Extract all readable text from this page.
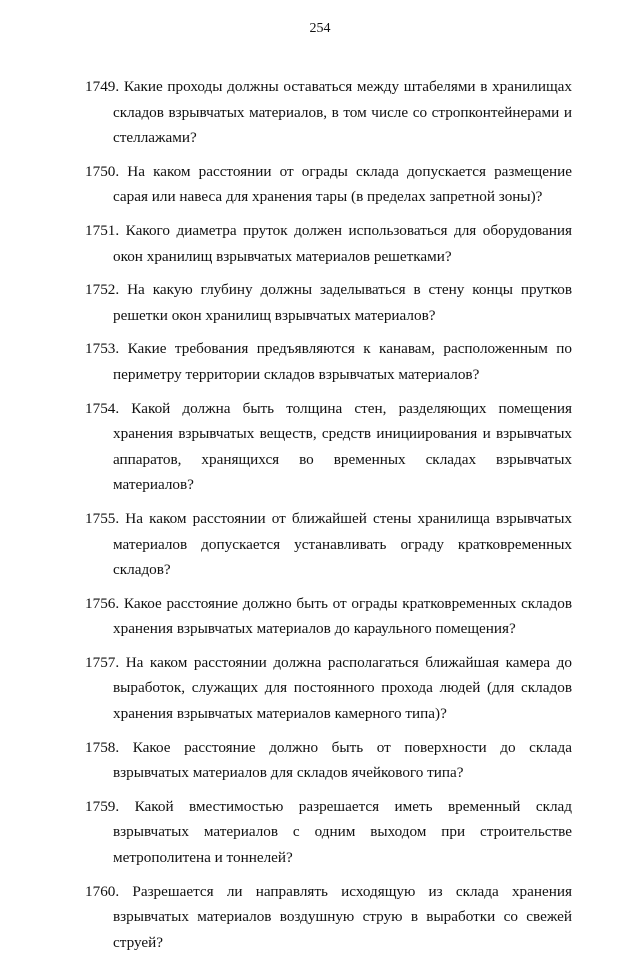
254
1749. Какие проходы должны оставаться между штабелями в хранилищах складов взрывчатых материалов, в том числе со стропконтейнерами и стеллажами?
1750. На каком расстоянии от ограды склада допускается размещение сарая или навеса для хранения тары (в пределах запретной зоны)?
1751. Какого диаметра пруток должен использоваться для оборудования окон хранилищ взрывчатых материалов решетками?
1752. На какую глубину должны заделываться в стену концы прутков решетки окон хранилищ взрывчатых материалов?
1753. Какие требования предъявляются к канавам, расположенным по периметру территории складов взрывчатых материалов?
1754. Какой должна быть толщина стен, разделяющих помещения хранения взрывчатых веществ, средств инициирования и взрывчатых аппаратов, хранящихся во временных складах взрывчатых материалов?
1755. На каком расстоянии от ближайшей стены хранилища взрывчатых материалов допускается устанавливать ограду кратковременных складов?
1756. Какое расстояние должно быть от ограды кратковременных складов хранения взрывчатых материалов до караульного помещения?
1757. На каком расстоянии должна располагаться ближайшая камера до выработок, служащих для постоянного прохода людей (для складов хранения взрывчатых материалов камерного типа)?
1758. Какое расстояние должно быть от поверхности до склада взрывчатых материалов для складов ячейкового типа?
1759. Какой вместимостью разрешается иметь временный склад взрывчатых материалов с одним выходом при строительстве метрополитена и тоннелей?
1760. Разрешается ли направлять исходящую из склада хранения взрывчатых материалов воздушную струю в выработки со свежей струей?
